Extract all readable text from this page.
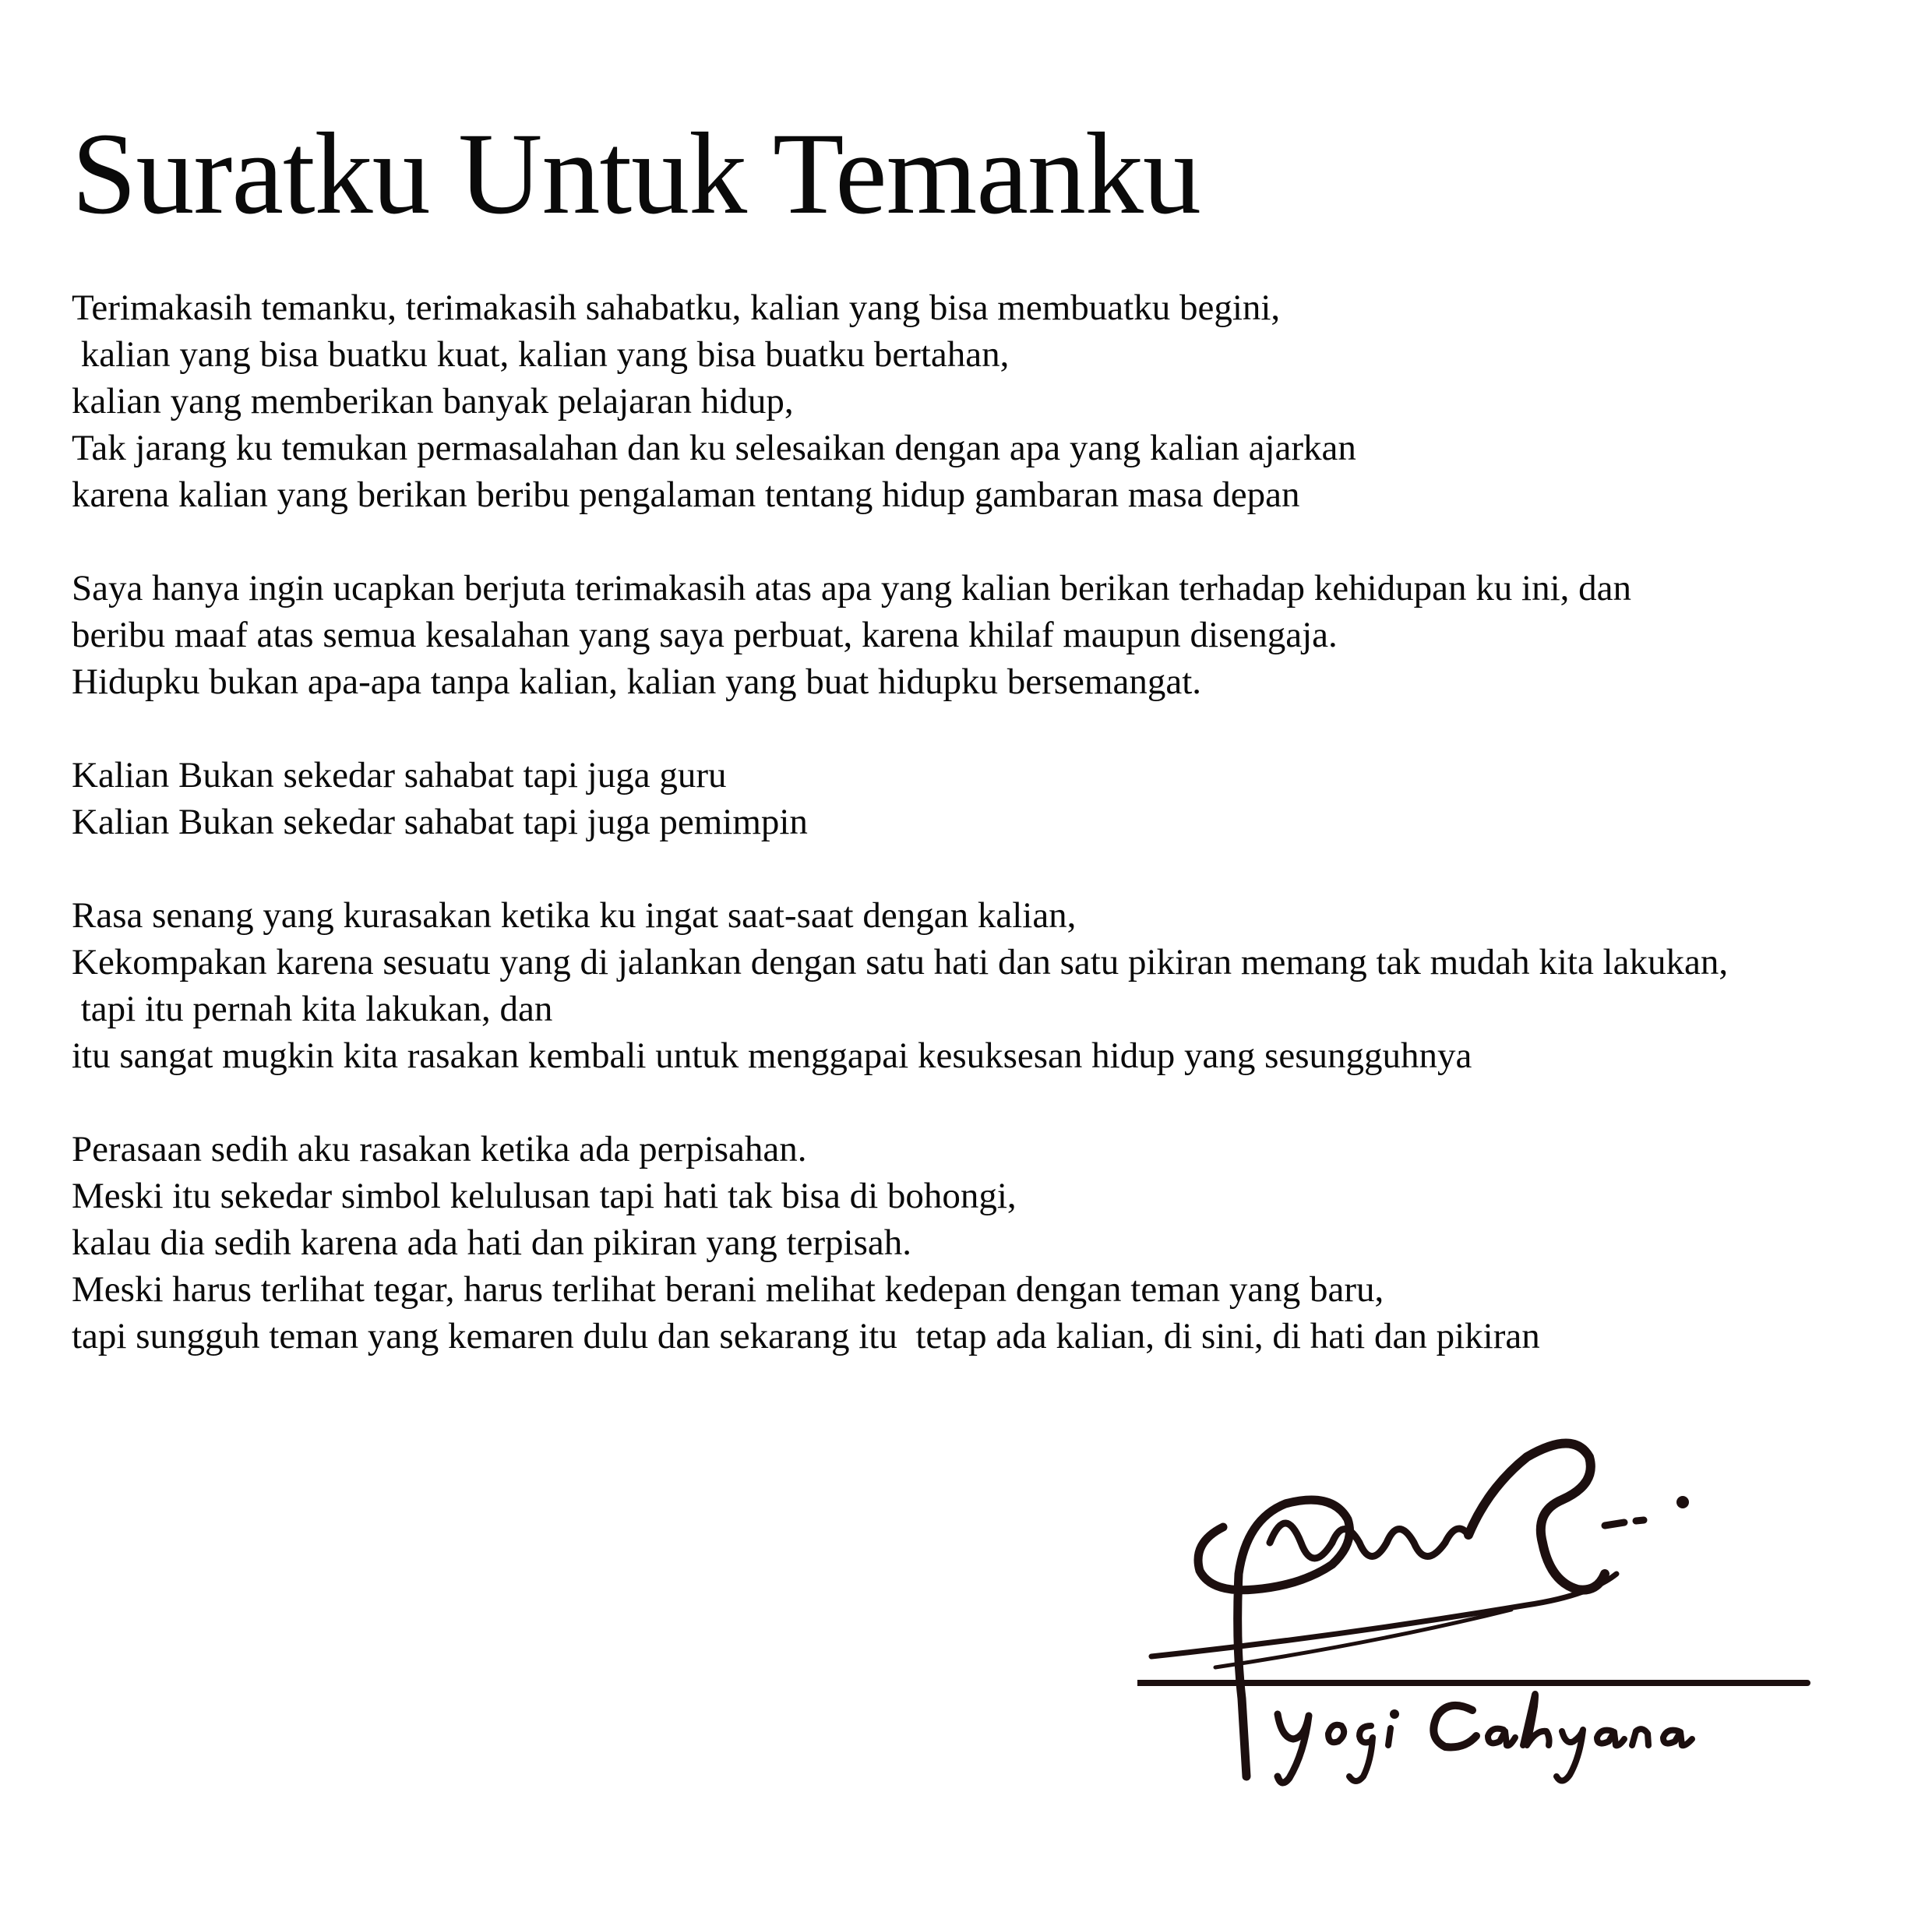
Suratku Untuk Temanku

Terimakasih temanku, terimakasih sahabatku, kalian yang bisa membuatku begini,
kalian yang bisa buatku kuat, kalian yang bisa buatku bertahan,
kalian yang memberikan banyak pelajaran hidup,
Tak jarang ku temukan permasalahan dan ku selesaikan dengan apa yang kalian ajarkan
karena kalian yang berikan beribu pengalaman tentang hidup gambaran masa depan

Saya hanya ingin ucapkan berjuta terimakasih atas apa yang kalian berikan terhadap kehidupan ku ini, dan
beribu maaf atas semua kesalahan yang saya perbuat, karena khilaf maupun disengaja.
Hidupku bukan apa-apa tanpa kalian, kalian yang buat hidupku bersemangat.

Kalian Bukan sekedar sahabat tapi juga guru
Kalian Bukan sekedar sahabat tapi juga pemimpin

Rasa senang yang kurasakan ketika ku ingat saat-saat dengan kalian,
Kekompakan karena sesuatu yang di jalankan dengan satu hati dan satu pikiran memang tak mudah kita lakukan,
tapi itu pernah kita lakukan, dan
itu sangat mugkin kita rasakan kembali untuk menggapai kesuksesan hidup yang sesungguhnya

Perasaan sedih aku rasakan ketika ada perpisahan.
Meski itu sekedar simbol kelulusan tapi hati tak bisa di bohongi,
kalau dia sedih karena ada hati dan pikiran yang terpisah.
Meski harus terlihat tegar, harus terlihat berani melihat kedepan dengan teman yang baru,
tapi sungguh teman yang kemaren dulu dan sekarang itu  tetap ada kalian, di sini, di hati dan pikiran
